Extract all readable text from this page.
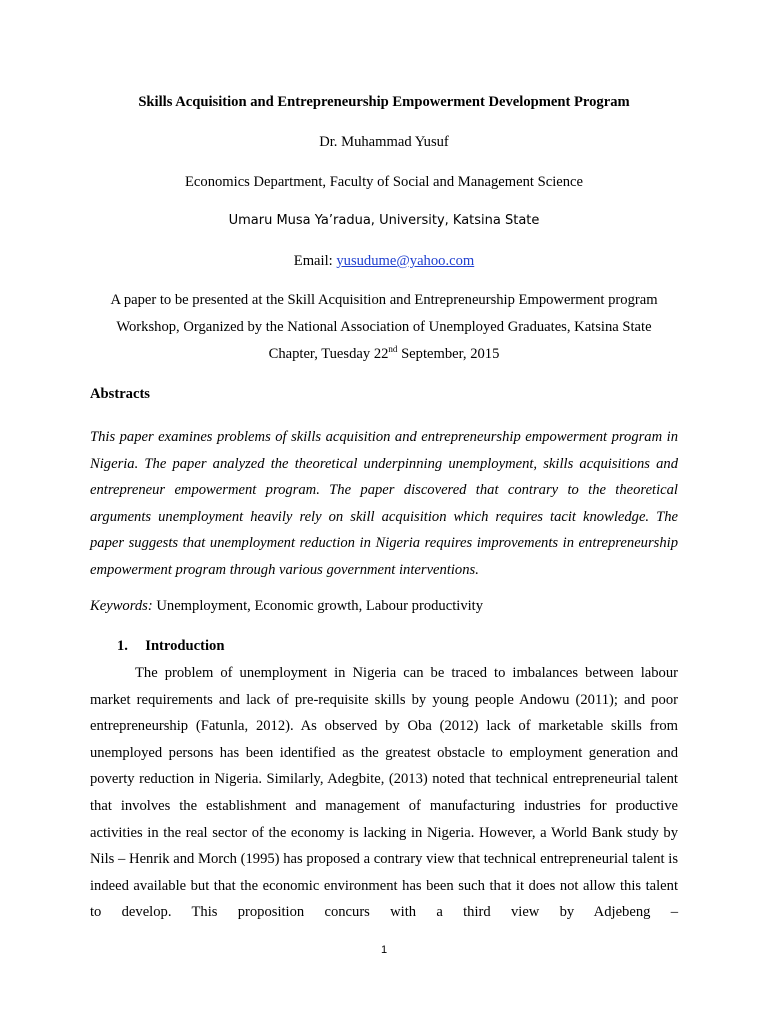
Skills Acquisition and Entrepreneurship Empowerment Development Program
Dr. Muhammad Yusuf
Economics Department, Faculty of Social and Management Science
Umaru Musa Ya’radua, University, Katsina State
Email: yusudume@yahoo.com
A paper to be presented at the Skill Acquisition and Entrepreneurship Empowerment program
Workshop, Organized by the National Association of Unemployed Graduates, Katsina State
Chapter, Tuesday 22nd September, 2015
Abstracts

This paper examines problems of skills acquisition and entrepreneurship empowerment program in Nigeria. The paper analyzed the theoretical underpinning unemployment, skills acquisitions and entrepreneur empowerment program. The paper discovered that contrary to the theoretical arguments unemployment heavily rely on skill acquisition which requires tacit knowledge. The paper suggests that unemployment reduction in Nigeria requires improvements in entrepreneurship empowerment program through various government interventions.

Keywords: Unemployment, Economic growth, Labour productivity
1. Introduction

The problem of unemployment in Nigeria can be traced to imbalances between labour market requirements and lack of pre-requisite skills by young people Andowu (2011); and poor entrepreneurship (Fatunla, 2012). As observed by Oba (2012) lack of marketable skills from unemployed persons has been identified as the greatest obstacle to employment generation and poverty reduction in Nigeria. Similarly, Adegbite, (2013) noted that technical entrepreneurial talent that involves the establishment and management of manufacturing industries for productive activities in the real sector of the economy is lacking in Nigeria. However, a World Bank study by Nils – Henrik and Morch (1995) has proposed a contrary view that technical entrepreneurial talent is indeed available but that the economic environment has been such that it does not allow this talent to develop. This proposition concurs with a third view by Adjebeng –

1
